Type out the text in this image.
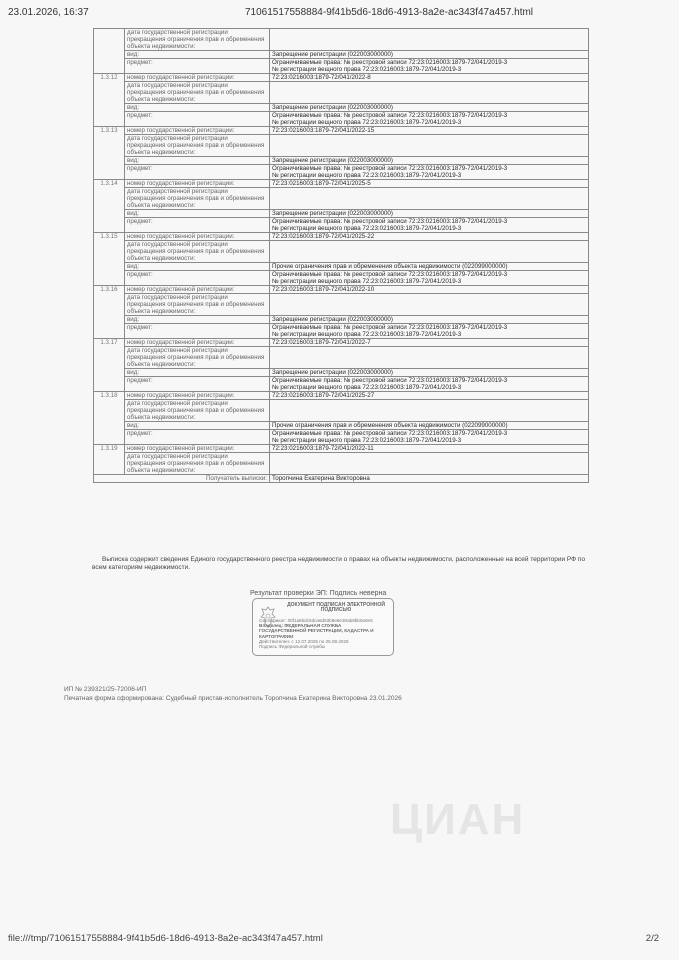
23.01.2026, 16:37	71061517558884-9f41b5d6-18d6-4913-8a2e-ac343f47a457.html
	дата государственной регистрации прекращения ограничения прав и обременения объекта недвижимости:	
	вид:	Запрещение регистрации (022003000000)
	предмет:	Ограничиваемые права: № реестровой записи 72:23:0216003:1879-72/041/2019-3
№ регистрации вещного права 72:23:0216003:1879-72/041/2019-3
1.3.12	номер государственной регистрации:	72:23:0216003:1879-72/041/2022-8
	дата государственной регистрации прекращения ограничения прав и обременения объекта недвижимости:	
	вид:	Запрещение регистрации (022003000000)
	предмет:	Ограничиваемые права: № реестровой записи 72:23:0216003:1879-72/041/2019-3
№ регистрации вещного права 72:23:0216003:1879-72/041/2019-3
1.3.13	номер государственной регистрации:	72:23:0216003:1879-72/041/2022-15
	дата государственной регистрации прекращения ограничения прав и обременения объекта недвижимости:	
	вид:	Запрещение регистрации (022003000000)
	предмет:	Ограничиваемые права: № реестровой записи 72:23:0216003:1879-72/041/2019-3
№ регистрации вещного права 72:23:0216003:1879-72/041/2019-3
1.3.14	номер государственной регистрации:	72:23:0216003:1879-72/041/2025-5
	дата государственной регистрации прекращения ограничения прав и обременения объекта недвижимости:	
	вид:	Запрещение регистрации (022003000000)
	предмет:	Ограничиваемые права: № реестровой записи 72:23:0216003:1879-72/041/2019-3
№ регистрации вещного права 72:23:0216003:1879-72/041/2019-3
1.3.15	номер государственной регистрации:	72:23:0216003:1879-72/041/2025-22
	дата государственной регистрации прекращения ограничения прав и обременения объекта недвижимости:	
	вид:	Прочие ограничения прав и обременения объекта недвижимости (022099000000)
	предмет:	Ограничиваемые права: № реестровой записи 72:23:0216003:1879-72/041/2019-3
№ регистрации вещного права 72:23:0216003:1879-72/041/2019-3
1.3.16	номер государственной регистрации:	72:23:0216003:1879-72/041/2022-10
	дата государственной регистрации прекращения ограничения прав и обременения объекта недвижимости:	
	вид:	Запрещение регистрации (022003000000)
	предмет:	Ограничиваемые права: № реестровой записи 72:23:0216003:1879-72/041/2019-3
№ регистрации вещного права 72:23:0216003:1879-72/041/2019-3
1.3.17	номер государственной регистрации:	72:23:0216003:1879-72/041/2022-7
	дата государственной регистрации прекращения ограничения прав и обременения объекта недвижимости:	
	вид:	Запрещение регистрации (022003000000)
	предмет:	Ограничиваемые права: № реестровой записи 72:23:0216003:1879-72/041/2019-3
№ регистрации вещного права 72:23:0216003:1879-72/041/2019-3
1.3.18	номер государственной регистрации:	72:23:0216003:1879-72/041/2025-27
	дата государственной регистрации прекращения ограничения прав и обременения объекта недвижимости:	
	вид:	Прочие ограничения прав и обременения объекта недвижимости (022099000000)
	предмет:	Ограничиваемые права: № реестровой записи 72:23:0216003:1879-72/041/2019-3
№ регистрации вещного права 72:23:0216003:1879-72/041/2019-3
1.3.19	номер государственной регистрации:	72:23:0216003:1879-72/041/2022-11
	дата государственной регистрации прекращения ограничения прав и обременения объекта недвижимости:	
Получатель выписки:		Торопчина Екатерина Викторовна
Выписка содержит сведения Единого государственного реестра недвижимости о правах на объекты недвижимости, расположенные на всей территории РФ по всем категориям недвижимости.
Результат проверки ЭП: Подпись неверна
ДОКУМЕНТ ПОДПИСАН ЭЛЕКТРОННОЙ ПОДПИСЬЮ
Сертификат: 00f1a5bdc5dca6d53b8e8e30ab8bb0a0e5
Владелец: ФЕДЕРАЛЬНАЯ СЛУЖБА ГОСУДАРСТВЕННОЙ РЕГИСТРАЦИИ, КАДАСТРА И КАРТОГРАФИИ
Действителен: с 12.07.2025 по 25.09.2026
Подпись Федеральной службы
ИП № 239321/25-72006-ИП
Печатная форма сформирована: Судебный пристав-исполнитель Торопчина Екатерина Викторовна 23.01.2026
ЦИАН
file:///tmp/71061517558884-9f41b5d6-18d6-4913-8a2e-ac343f47a457.html	2/2
